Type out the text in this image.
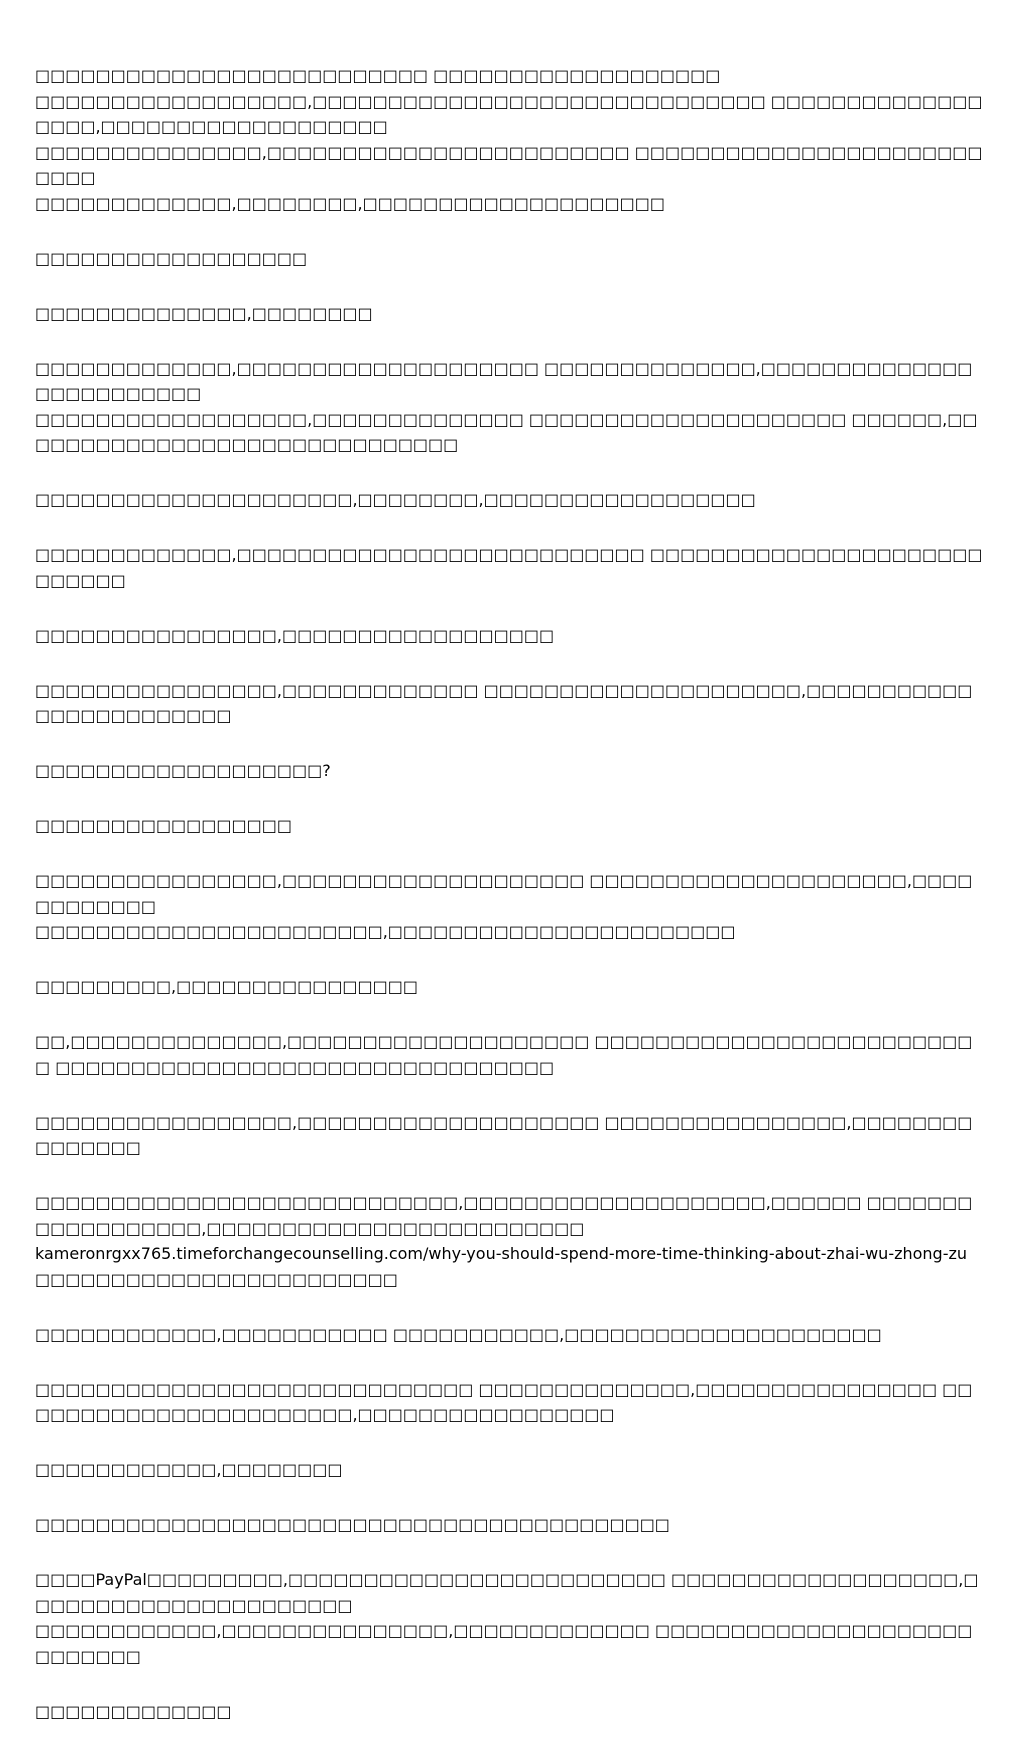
□□□□□□□□□□□□□□□□□□□□□□□□□□ □□□□□□□□□□□□□□□□□□□
□□□□□□□□□□□□□□□□□□,□□□□□□□□□□□□□□□□□□□□□□□□□□□□□□ □□□□□□□□□□□□□□□□□□,□□□□□□□□□□□□□□□□□□□
□□□□□□□□□□□□□□□,□□□□□□□□□□□□□□□□□□□□□□□□ □□□□□□□□□□□□□□□□□□□□□□□□□□□
□□□□□□□□□□□□□,□□□□□□□□,□□□□□□□□□□□□□□□□□□□□

□□□□□□□□□□□□□□□□□□

□□□□□□□□□□□□□□,□□□□□□□□

□□□□□□□□□□□□□,□□□□□□□□□□□□□□□□□□□□ □□□□□□□□□□□□□□,□□□□□□□□□□□□□□□□□□□□□□□□□
□□□□□□□□□□□□□□□□□□,□□□□□□□□□□□□□□ □□□□□□□□□□□□□□□□□□□□□ □□□□□□,□□□□□□□□□□□□□□□□□□□□□□□□□□□□□□

□□□□□□□□□□□□□□□□□□□□□,□□□□□□□□,□□□□□□□□□□□□□□□□□□

□□□□□□□□□□□□□,□□□□□□□□□□□□□□□□□□□□□□□□□□□ □□□□□□□□□□□□□□□□□□□□□□□□□□□□

□□□□□□□□□□□□□□□□,□□□□□□□□□□□□□□□□□□

□□□□□□□□□□□□□□□□,□□□□□□□□□□□□□ □□□□□□□□□□□□□□□□□□□□□,□□□□□□□□□□□□□□□□□□□□□□□□

□□□□□□□□□□□□□□□□□□□?

□□□□□□□□□□□□□□□□□

□□□□□□□□□□□□□□□□,□□□□□□□□□□□□□□□□□□□□ □□□□□□□□□□□□□□□□□□□□□,□□□□□□□□□□□□
□□□□□□□□□□□□□□□□□□□□□□□,□□□□□□□□□□□□□□□□□□□□□□□

□□□□□□□□□,□□□□□□□□□□□□□□□□

□□,□□□□□□□□□□□□□□,□□□□□□□□□□□□□□□□□□□□ □□□□□□□□□□□□□□□□□□□□□□□□□□ □□□□□□□□□□□□□□□□□□□□□□□□□□□□□□□□□

□□□□□□□□□□□□□□□□□,□□□□□□□□□□□□□□□□□□□□ □□□□□□□□□□□□□□□□,□□□□□□□□□□□□□□□

□□□□□□□□□□□□□□□□□□□□□□□□□□□□,□□□□□□□□□□□□□□□□□□□□,□□□□□□ □□□□□□□□□□□□□□□□□□,□□□□□□□□□□□□□□□□□□□□□□□□□
kameronrgxx765.timeforchangecounselling.com/why-you-should-spend-more-time-thinking-about-zhai-wu-zhong-zu □□□□□□□□□□□□□□□□□□□□□□□□

□□□□□□□□□□□□,□□□□□□□□□□□ □□□□□□□□□□□,□□□□□□□□□□□□□□□□□□□□□

□□□□□□□□□□□□□□□□□□□□□□□□□□□□□ □□□□□□□□□□□□□□,□□□□□□□□□□□□□□□□ □□□□□□□□□□□□□□□□□□□□□□□,□□□□□□□□□□□□□□□□□

□□□□□□□□□□□□,□□□□□□□□

□□□□□□□□□□□□□□□□□□□□□□□□□□□□□□□□□□□□□□□□□□

□□□□PayPal□□□□□□□□□,□□□□□□□□□□□□□□□□□□□□□□□□□ □□□□□□□□□□□□□□□□□□□,□□□□□□□□□□□□□□□□□□□□□□
□□□□□□□□□□□□,□□□□□□□□□□□□□□□,□□□□□□□□□□□□□ □□□□□□□□□□□□□□□□□□□□□□□□□□□□

□□□□□□□□□□□□□
